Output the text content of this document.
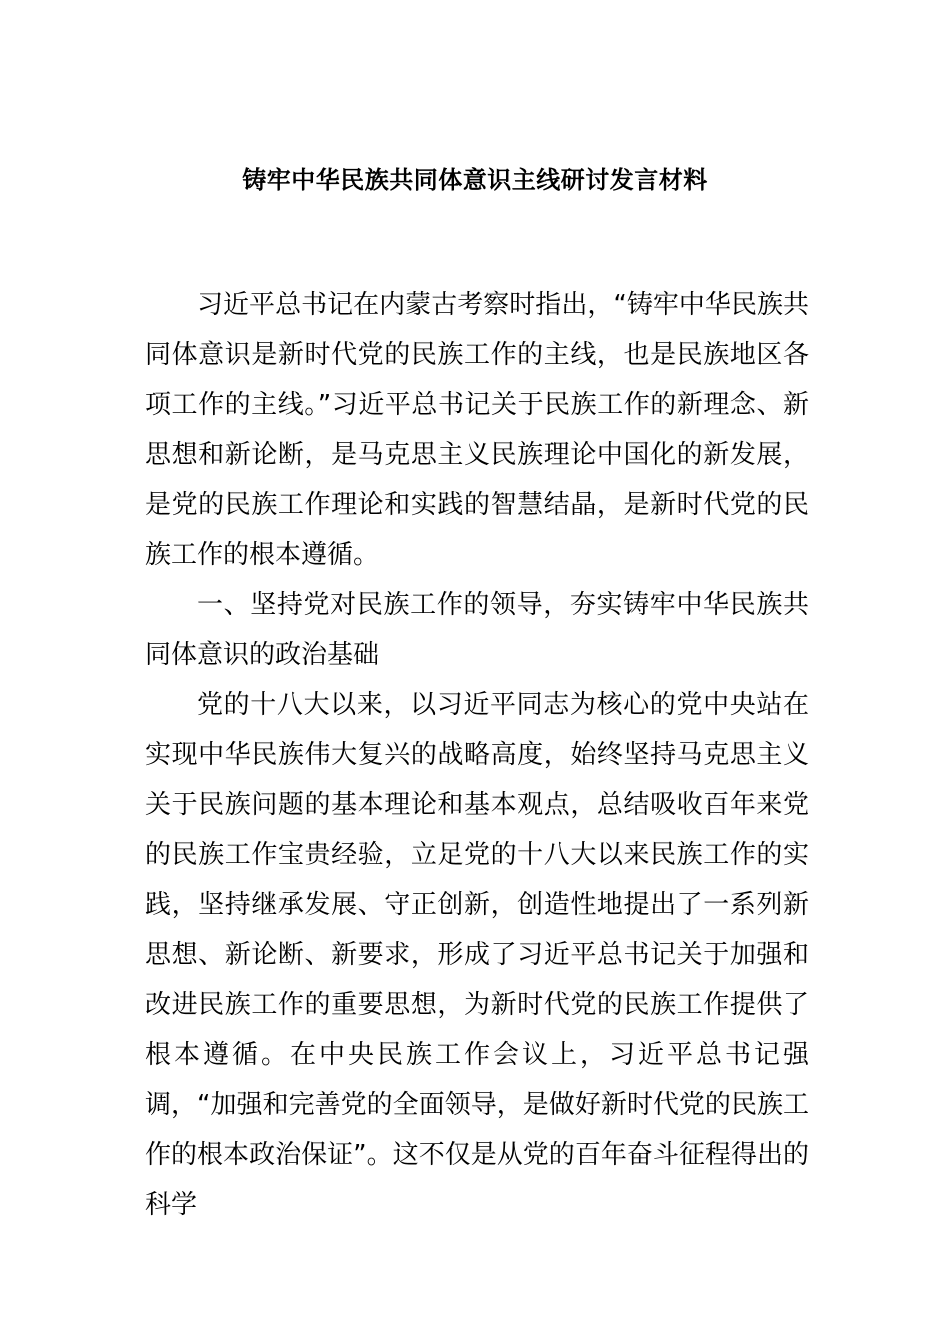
铸牢中华民族共同体意识主线研讨发言材料

习近平总书记在内蒙古考察时指出，“铸牢中华民族共同体意识是新时代党的民族工作的主线，也是民族地区各项工作的主线。”习近平总书记关于民族工作的新理念、新思想和新论断，是马克思主义民族理论中国化的新发展，是党的民族工作理论和实践的智慧结晶，是新时代党的民族工作的根本遵循。

一、坚持党对民族工作的领导，夯实铸牢中华民族共同体意识的政治基础

党的十八大以来，以习近平同志为核心的党中央站在实现中华民族伟大复兴的战略高度，始终坚持马克思主义关于民族问题的基本理论和基本观点，总结吸收百年来党的民族工作宝贵经验，立足党的十八大以来民族工作的实践，坚持继承发展、守正创新，创造性地提出了一系列新思想、新论断、新要求，形成了习近平总书记关于加强和改进民族工作的重要思想，为新时代党的民族工作提供了根本遵循。在中央民族工作会议上，习近平总书记强调，“加强和完善党的全面领导，是做好新时代党的民族工作的根本政治保证”。这不仅是从党的百年奋斗征程得出的科学
